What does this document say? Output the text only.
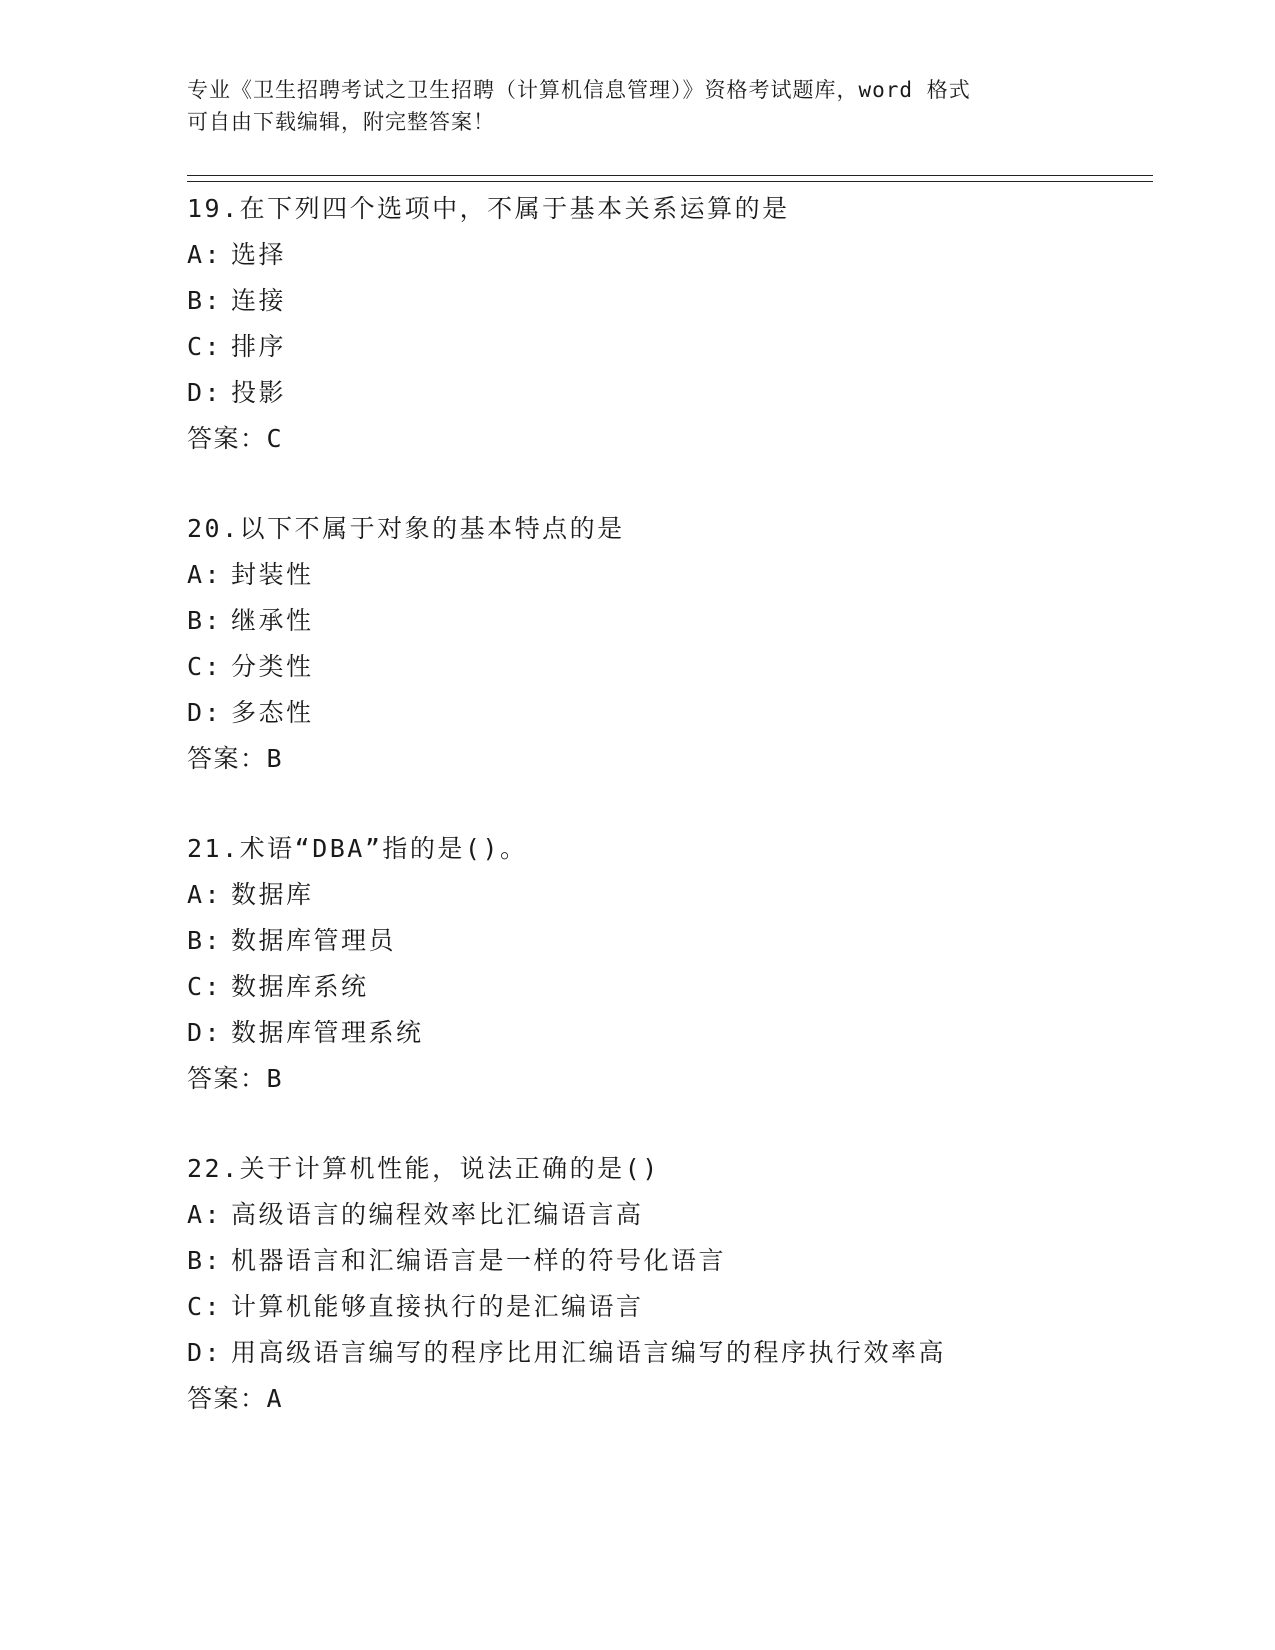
专业《卫生招聘考试之卫生招聘（计算机信息管理）》资格考试题库，word 格式
可自由下载编辑，附完整答案！
19.在下列四个选项中，不属于基本关系运算的是
A: 选择
B: 连接
C: 排序
D: 投影
答案：C
20.以下不属于对象的基本特点的是
A: 封装性
B: 继承性
C: 分类性
D: 多态性
答案：B
21.术语“DBA”指的是()。
A: 数据库
B: 数据库管理员
C: 数据库系统
D: 数据库管理系统
答案：B
22.关于计算机性能，说法正确的是()
A: 高级语言的编程效率比汇编语言高
B: 机器语言和汇编语言是一样的符号化语言
C: 计算机能够直接执行的是汇编语言
D: 用高级语言编写的程序比用汇编语言编写的程序执行效率高
答案：A
